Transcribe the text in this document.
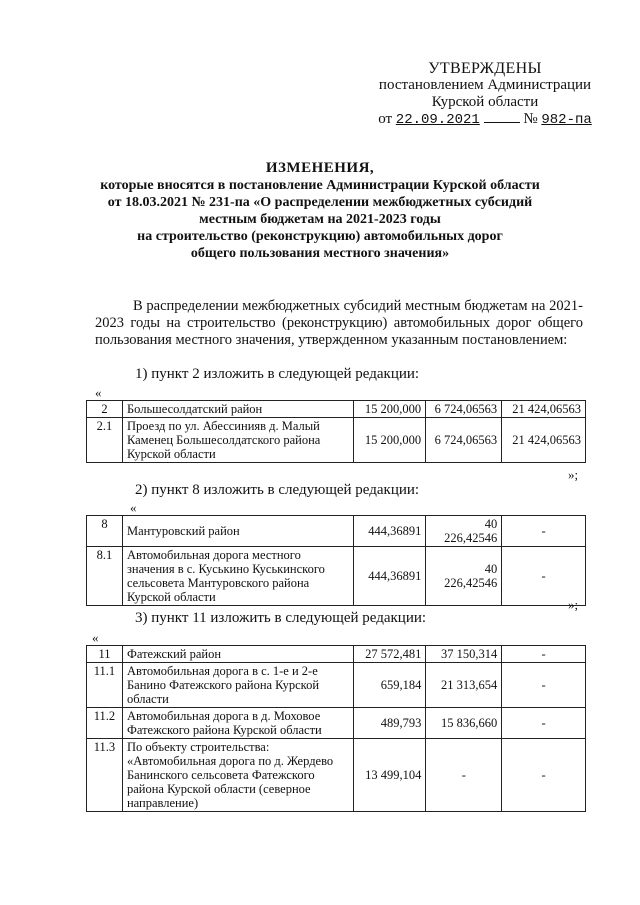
УТВЕРЖДЕНЫ
постановлением Администрации
Курской области
от 22.09.2021	№ 982-па
ИЗМЕНЕНИЯ,
которые вносятся в постановление Администрации Курской области
от 18.03.2021 № 231-па «О распределении межбюджетных субсидий
местным бюджетам на 2021-2023 годы
на строительство (реконструкцию) автомобильных дорог
общего пользования местного значения»
В распределении межбюджетных субсидий местным бюджетам на 2021-2023 годы на строительство (реконструкцию) автомобильных дорог общего пользования местного значения, утвержденном указанным постановлением:
1) пункт 2 изложить в следующей редакции:
«
2	Большесолдатский район	15 200,000	6 724,06563	21 424,06563
2.1	Проезд по ул. Абессинияв д. Малый Каменец Большесолдатского района Курской области	15 200,000	6 724,06563	21 424,06563
»;
2) пункт 8 изложить в следующей редакции:
«
8	Мантуровский район	444,36891	40 226,42546	-
8.1	Автомобильная дорога местного значения в с. Куськино Куськинского сельсовета Мантуровского района Курской области	444,36891	40 226,42546	-
»;
3) пункт 11 изложить в следующей редакции:
«
11	Фатежский район	27 572,481	37 150,314	-
11.1	Автомобильная дорога в с. 1-е и 2-е Банино Фатежского района Курской области	659,184	21 313,654	-
11.2	Автомобильная дорога в д. Моховое Фатежского района Курской области	489,793	15 836,660	-
11.3	По объекту строительства: «Автомобильная дорога по д. Жердево Банинского сельсовета Фатежского района Курской области (северное направление)	13 499,104	-	-
